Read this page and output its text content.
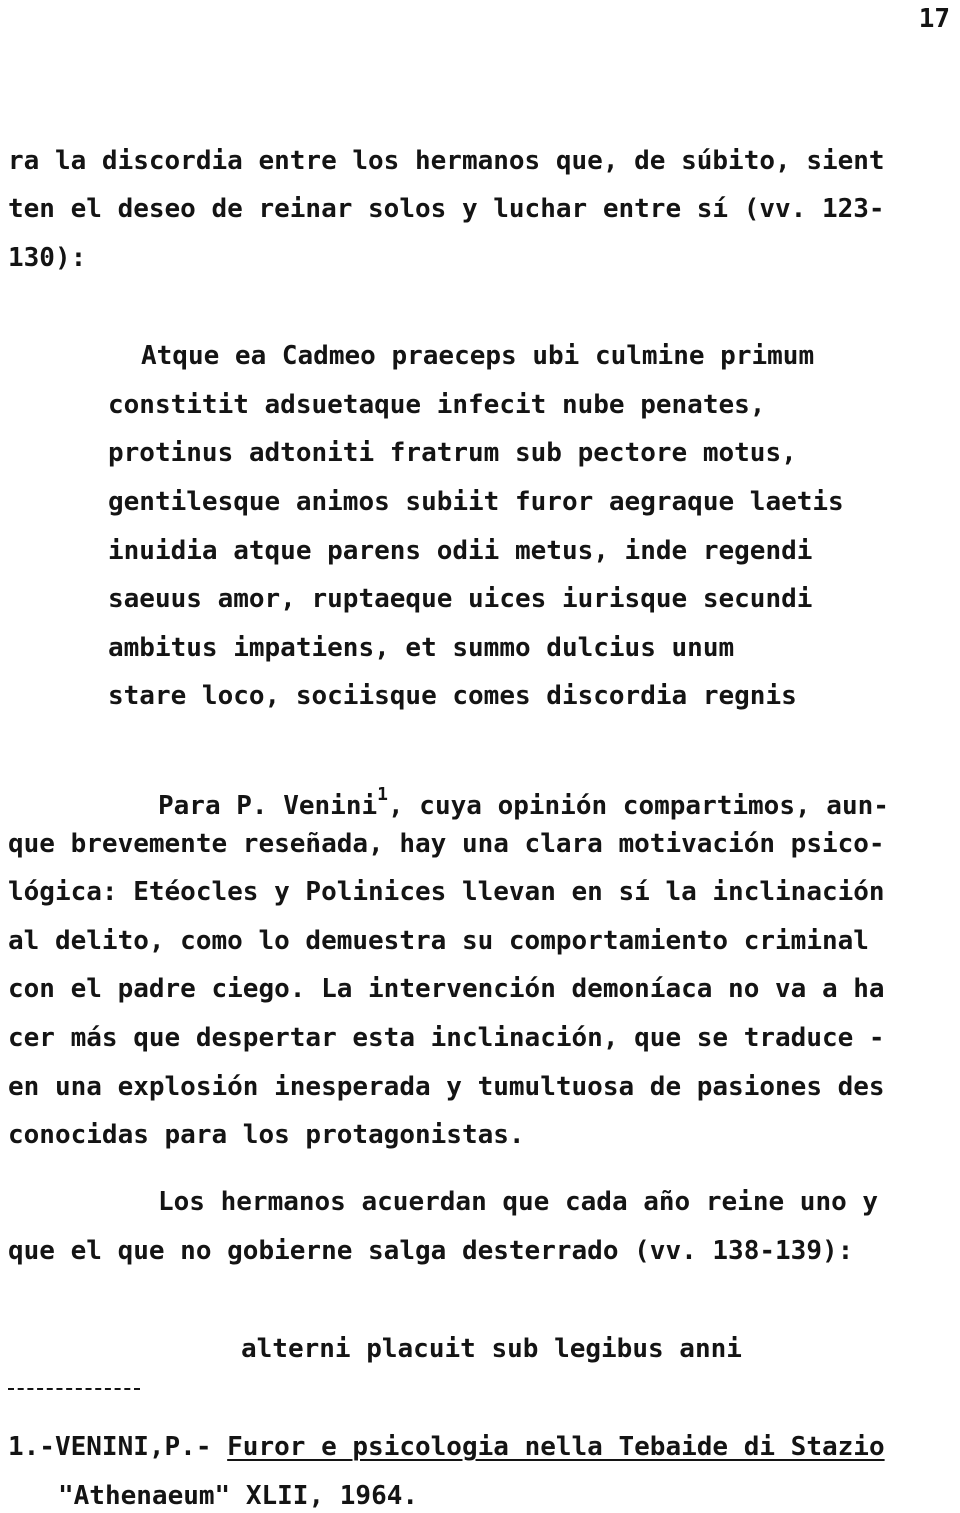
17
ra la discordia entre los hermanos que, de súbito, sient
ten el deseo de reinar solos y luchar entre sí (vv. 123-
130):
Atque ea Cadmeo praeceps ubi culmine primum
constitit adsuetaque infecit nube penates,
protinus adtoniti fratrum sub pectore motus,
gentilesque animos subiit furor aegraque laetis
inuidia atque parens odii metus, inde regendi
saeuus amor, ruptaeque uices iurisque secundi
ambitus impatiens, et summo dulcius unum
stare loco, sociisque comes discordia regnis
Para P. Venini$^1$, cuya opinión compartimos, aun-
que brevemente reseñada, hay una clara motivación psico-
lógica: Etéocles y Polinices llevan en sí la inclinación
al delito, como lo demuestra su comportamiento criminal
con el padre ciego. La intervención demoníaca no va a ha
cer más que despertar esta inclinación, que se traduce -
en una explosión inesperada y tumultuosa de pasiones des
conocidas para los protagonistas.
Los hermanos acuerdan que cada año reine uno y
que el que no gobierne salga desterrado (vv. 138-139):
alterni placuit sub legibus anni
1.-VENINI,P.- Furor e psicologia nella Tebaide di Stazio
"Athenaeum" XLII, 1964.
